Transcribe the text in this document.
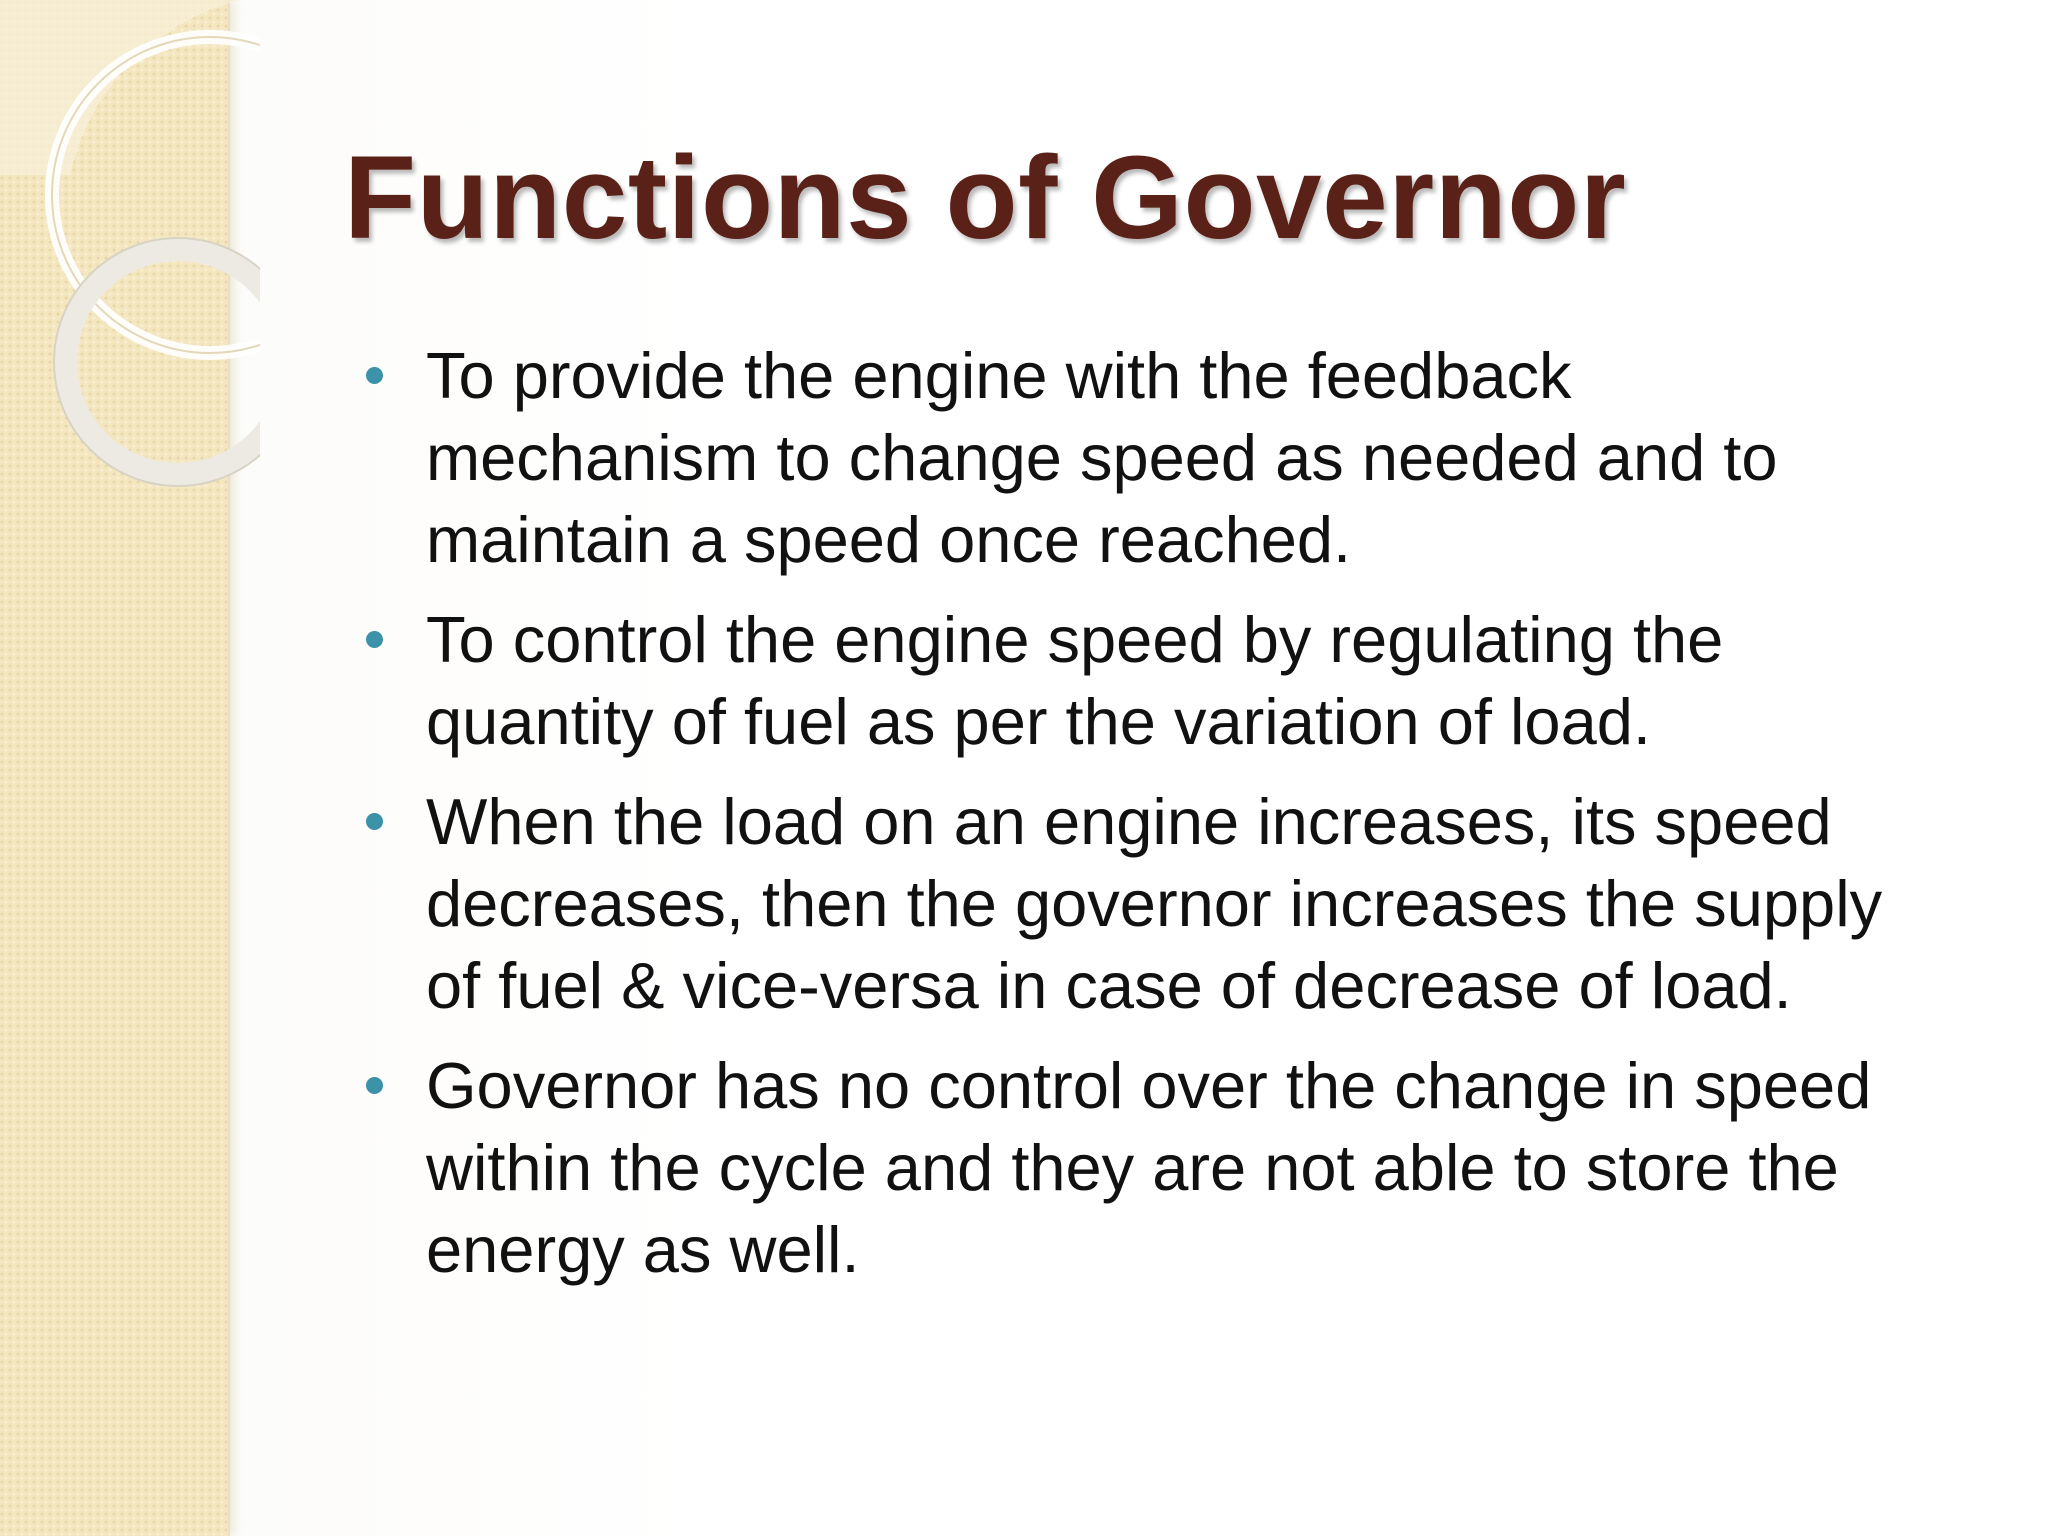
Functions of Governor
To provide the engine with the feedback
mechanism to change speed as needed and to
maintain a speed once reached.
To control the engine speed by regulating the
quantity of fuel as per the variation of load.
When the load on an engine increases, its speed
decreases, then the governor increases the supply
of fuel & vice-versa in case of decrease of load.
Governor has no control over the change in speed
within the cycle and they are not able to store the
energy as well.
